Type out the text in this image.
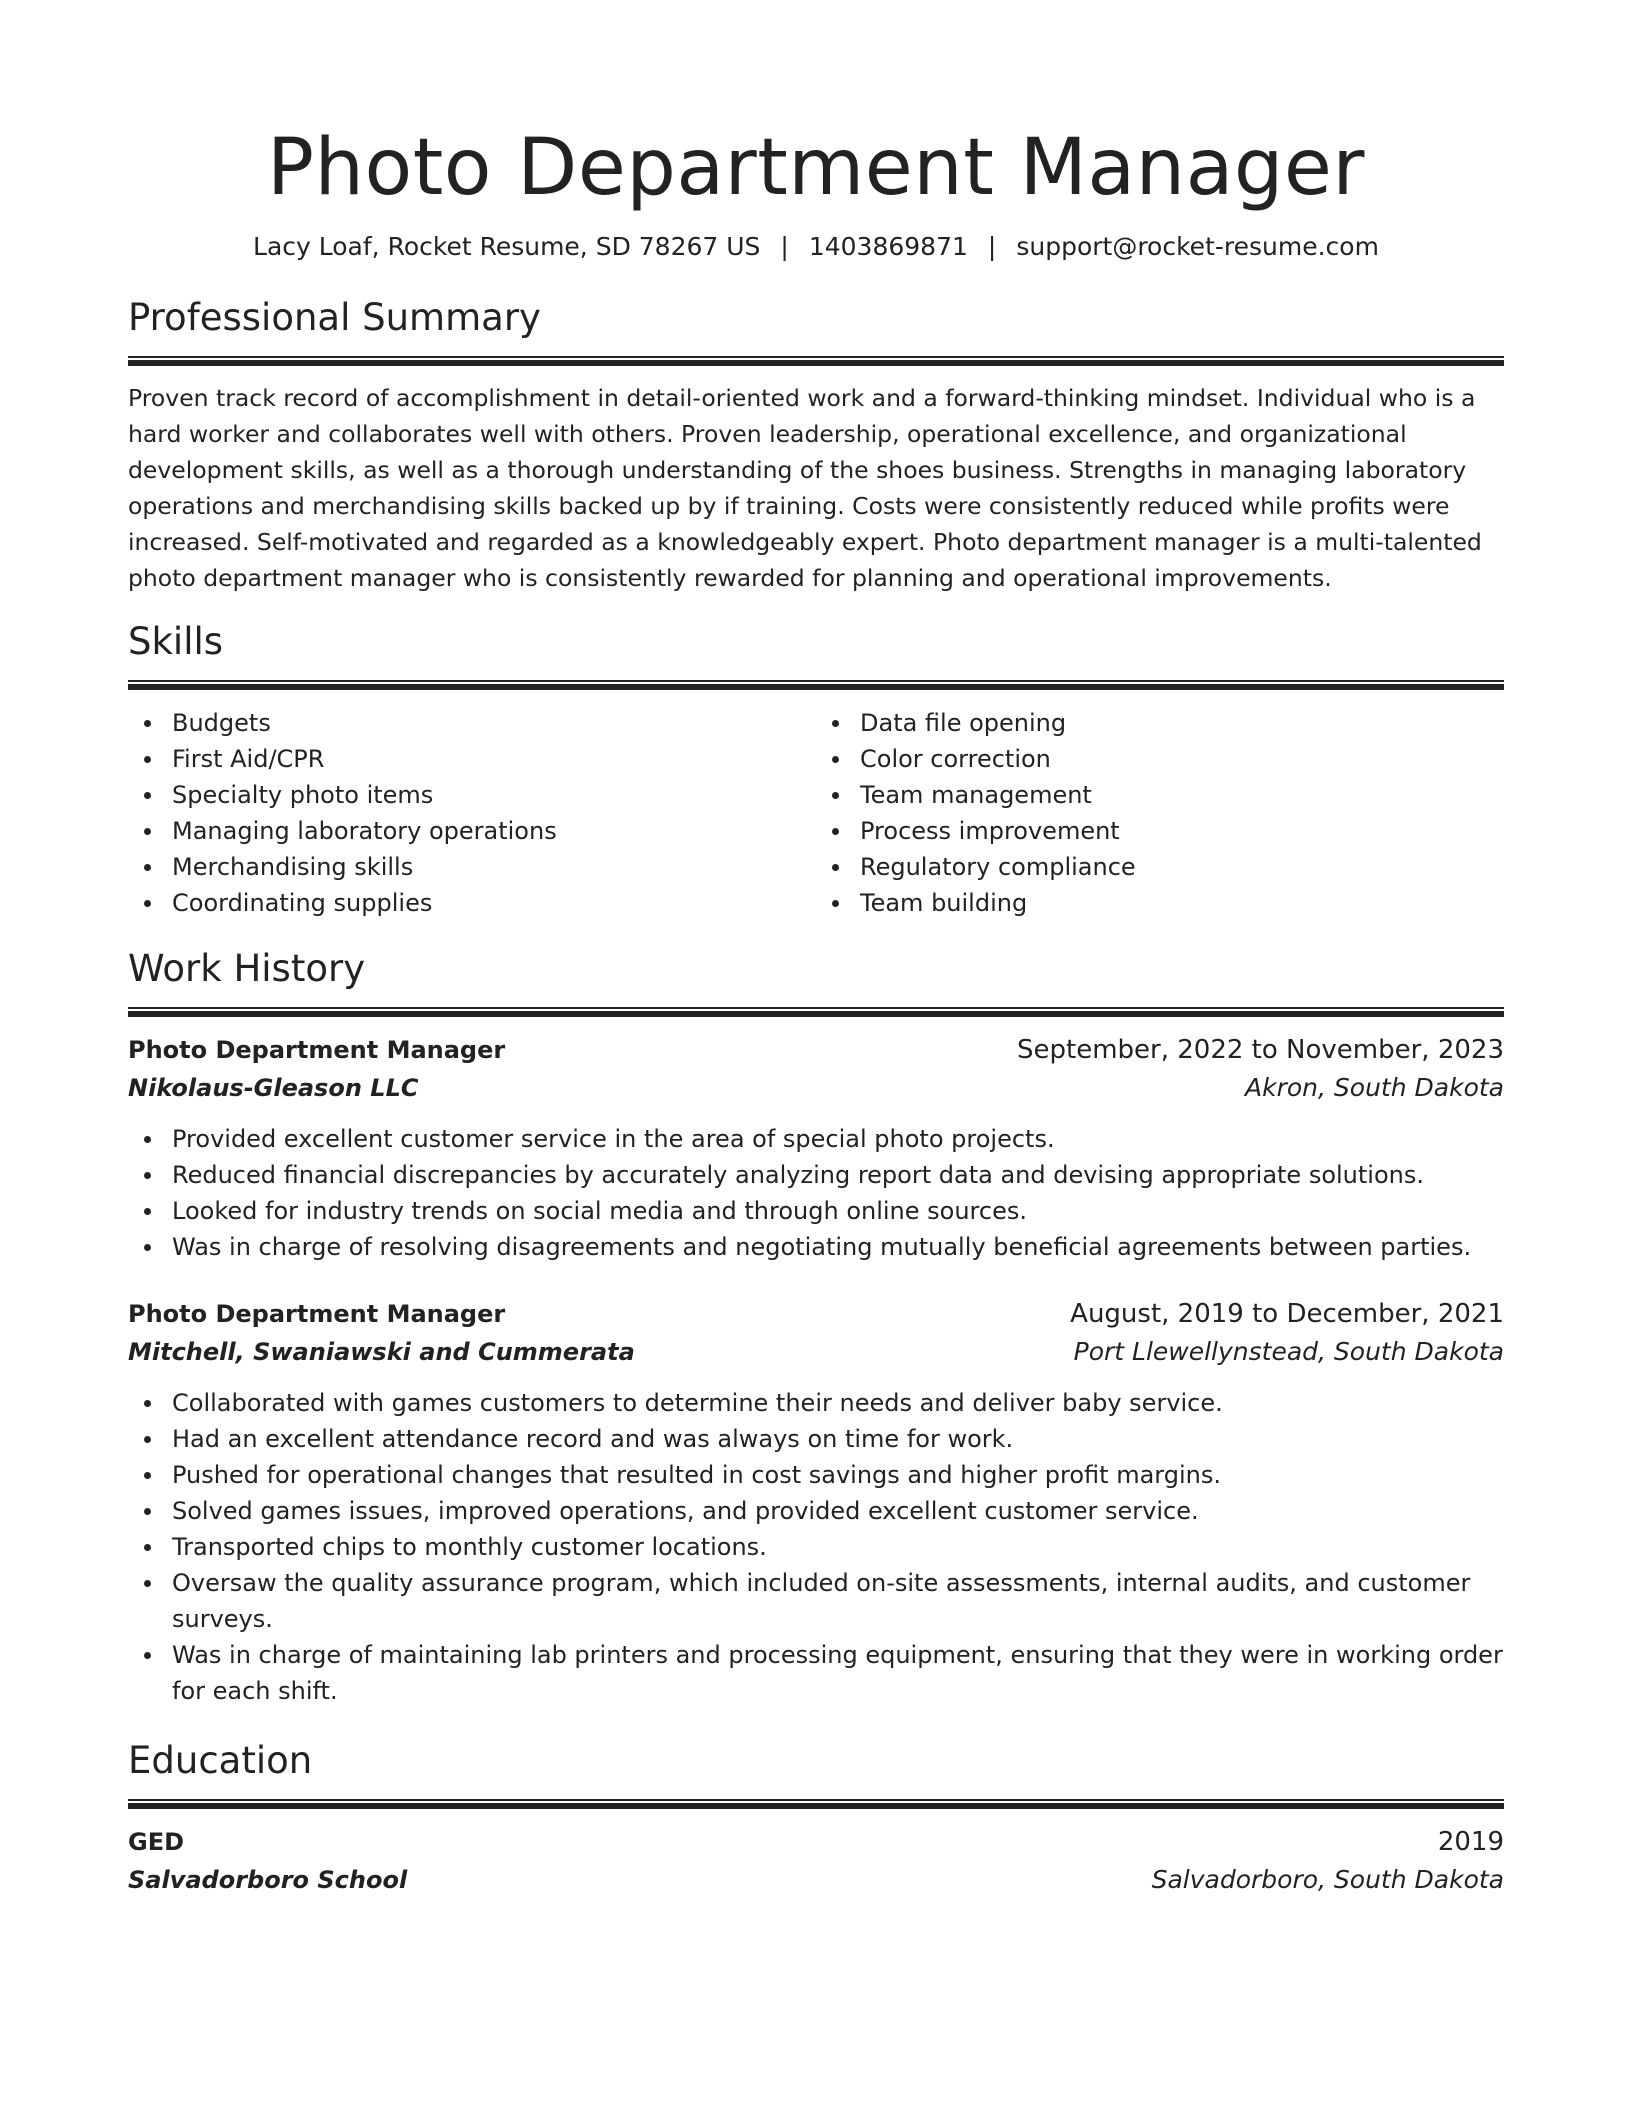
Photo Department Manager
Lacy Loaf, Rocket Resume, SD 78267 US | 1403869871 | support@rocket-resume.com
Professional Summary

Proven track record of accomplishment in detail-oriented work and a forward-thinking mindset. Individual who is a hard worker and collaborates well with others. Proven leadership, operational excellence, and organizational development skills, as well as a thorough understanding of the shoes business. Strengths in managing laboratory operations and merchandising skills backed up by if training. Costs were consistently reduced while profits were increased. Self-motivated and regarded as a knowledgeably expert. Photo department manager is a multi-talented photo department manager who is consistently rewarded for planning and operational improvements.

Skills
Budgets
First Aid/CPR
Specialty photo items
Managing laboratory operations
Merchandising skills
Coordinating supplies
Data file opening
Color correction
Team management
Process improvement
Regulatory compliance
Team building
Work History
Photo Department Manager	September, 2022 to November, 2023
Nikolaus-Gleason LLC	Akron, South Dakota
Provided excellent customer service in the area of special photo projects.
Reduced financial discrepancies by accurately analyzing report data and devising appropriate solutions.
Looked for industry trends on social media and through online sources.
Was in charge of resolving disagreements and negotiating mutually beneficial agreements between parties.
Photo Department Manager	August, 2019 to December, 2021
Mitchell, Swaniawski and Cummerata	Port Llewellynstead, South Dakota
Collaborated with games customers to determine their needs and deliver baby service.
Had an excellent attendance record and was always on time for work.
Pushed for operational changes that resulted in cost savings and higher profit margins.
Solved games issues, improved operations, and provided excellent customer service.
Transported chips to monthly customer locations.
Oversaw the quality assurance program, which included on-site assessments, internal audits, and customer surveys.
Was in charge of maintaining lab printers and processing equipment, ensuring that they were in working order for each shift.
Education
GED	2019
Salvadorboro School	Salvadorboro, South Dakota
